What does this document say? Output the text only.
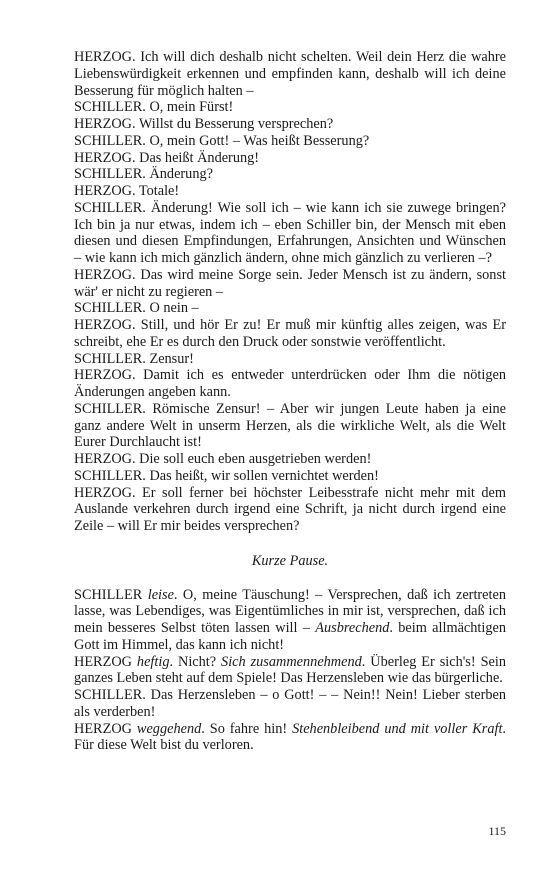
HERZOG. Ich will dich deshalb nicht schelten. Weil dein Herz die wahre Liebenswürdigkeit erkennen und empfinden kann, deshalb will ich deine Besserung für möglich halten –

SCHILLER. O, mein Fürst!

HERZOG. Willst du Besserung versprechen?

SCHILLER. O, mein Gott! – Was heißt Besserung?

HERZOG. Das heißt Änderung!

SCHILLER. Änderung?

HERZOG. Totale!

SCHILLER. Änderung! Wie soll ich – wie kann ich sie zuwege bringen? Ich bin ja nur etwas, indem ich – eben Schiller bin, der Mensch mit eben diesen und diesen Empfindungen, Erfahrungen, Ansichten und Wünschen – wie kann ich mich gänzlich ändern, ohne mich gänzlich zu verlieren –?

HERZOG. Das wird meine Sorge sein. Jeder Mensch ist zu ändern, sonst wär' er nicht zu regieren –

SCHILLER. O nein –

HERZOG. Still, und hör Er zu! Er muß mir künftig alles zeigen, was Er schreibt, ehe Er es durch den Druck oder sonstwie veröffentlicht.

SCHILLER. Zensur!

HERZOG. Damit ich es entweder unterdrücken oder Ihm die nötigen Änderungen angeben kann.

SCHILLER. Römische Zensur! – Aber wir jungen Leute haben ja eine ganz andere Welt in unserm Herzen, als die wirkliche Welt, als die Welt Eurer Durchlaucht ist!

HERZOG. Die soll euch eben ausgetrieben werden!

SCHILLER. Das heißt, wir sollen vernichtet werden!

HERZOG. Er soll ferner bei höchster Leibesstrafe nicht mehr mit dem Auslande verkehren durch irgend eine Schrift, ja nicht durch irgend eine Zeile – will Er mir beides versprechen?

Kurze Pause.

SCHILLER leise. O, meine Täuschung! – Versprechen, daß ich zertreten lasse, was Lebendiges, was Eigentümliches in mir ist, versprechen, daß ich mein besseres Selbst töten lassen will – Ausbrechend. beim allmächtigen Gott im Himmel, das kann ich nicht!

HERZOG heftig. Nicht? Sich zusammennehmend. Überleg Er sich's! Sein ganzes Leben steht auf dem Spiele! Das Herzensleben wie das bürgerliche.

SCHILLER. Das Herzensleben – o Gott! – – Nein!! Nein! Lieber sterben als verderben!

HERZOG weggehend. So fahre hin! Stehenbleibend und mit voller Kraft. Für diese Welt bist du verloren.

115
